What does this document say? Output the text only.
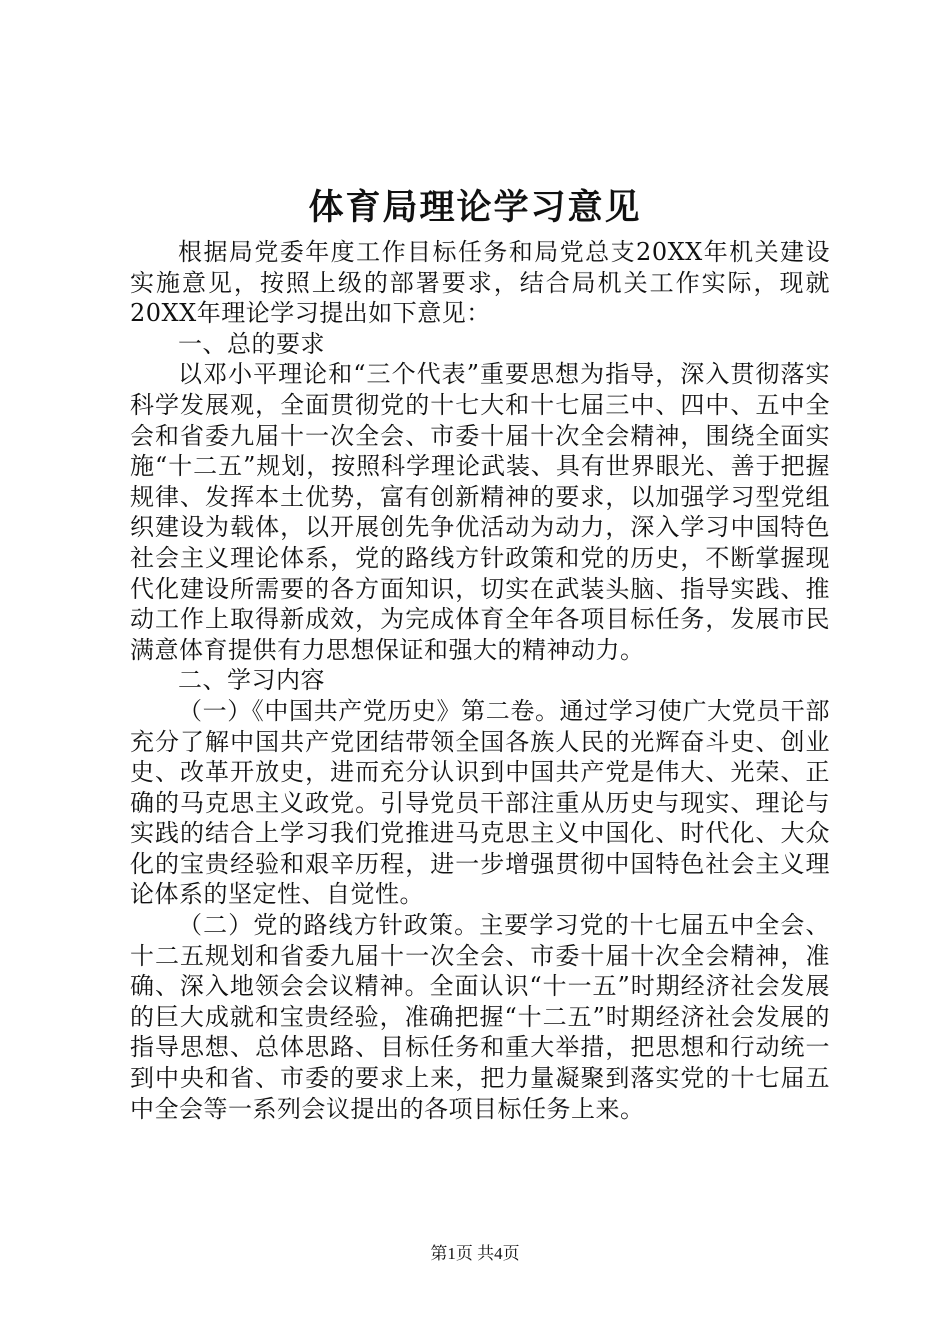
体育局理论学习意见

根据局党委年度工作目标任务和局党总支20XX年机关建设实施意见，按照上级的部署要求，结合局机关工作实际，现就20XX年理论学习提出如下意见：

一、总的要求

以邓小平理论和“三个代表”重要思想为指导，深入贯彻落实科学发展观，全面贯彻党的十七大和十七届三中、四中、五中全会和省委九届十一次全会、市委十届十次全会精神，围绕全面实施“十二五”规划，按照科学理论武装、具有世界眼光、善于把握规律、发挥本土优势，富有创新精神的要求，以加强学习型党组织建设为载体，以开展创先争优活动为动力，深入学习中国特色社会主义理论体系，党的路线方针政策和党的历史，不断掌握现代化建设所需要的各方面知识，切实在武装头脑、指导实践、推动工作上取得新成效，为完成体育全年各项目标任务，发展市民满意体育提供有力思想保证和强大的精神动力。

二、学习内容

（一）《中国共产党历史》第二卷。通过学习使广大党员干部充分了解中国共产党团结带领全国各族人民的光辉奋斗史、创业史、改革开放史，进而充分认识到中国共产党是伟大、光荣、正确的马克思主义政党。引导党员干部注重从历史与现实、理论与实践的结合上学习我们党推进马克思主义中国化、时代化、大众化的宝贵经验和艰辛历程，进一步增强贯彻中国特色社会主义理论体系的坚定性、自觉性。

（二）党的路线方针政策。主要学习党的十七届五中全会、十二五规划和省委九届十一次全会、市委十届十次全会精神，准确、深入地领会会议精神。全面认识“十一五”时期经济社会发展的巨大成就和宝贵经验，准确把握“十二五”时期经济社会发展的指导思想、总体思路、目标任务和重大举措，把思想和行动统一到中央和省、市委的要求上来，把力量凝聚到落实党的十七届五中全会等一系列会议提出的各项目标任务上来。

第1页 共4页
